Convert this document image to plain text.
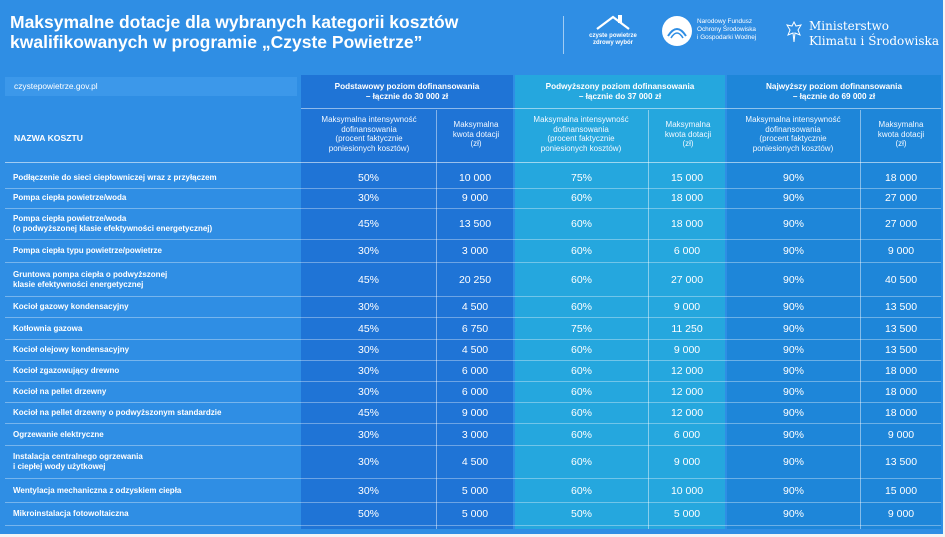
Maksymalne dotacje dla wybranych kategorii kosztów
kwalifikowanych w programie „Czyste Powietrze”	czyste powietrze
zdrowy wybór
Narodowy Fundusz
Ochrony Środowiska
i Gospodarki Wodnej
Ministerstwo
Klimatu i Środowiska
czystepowietrze.gov.pl	Podstawowy poziom dofinansowania
– łącznie do 30 000 zł
Podwyższony poziom dofinansowania
– łącznie do 37 000 zł
Najwyższy poziom dofinansowania
– łącznie do 69 000 zł
NAZWA KOSZTU
Maksymalna intensywność
dofinansowania
(procent faktycznie
poniesionych kosztów)
Maksymalna
kwota dotacji
(zł)
Maksymalna intensywność
dofinansowania
(procent faktycznie
poniesionych kosztów)
Maksymalna
kwota dotacji
(zł)
Maksymalna intensywność
dofinansowania
(procent faktycznie
poniesionych kosztów)
Maksymalna
kwota dotacji
(zł)
Podłączenie do sieci ciepłowniczej wraz z przyłączem	50%	10 000	75%	15 000	90%	18 000
Pompa ciepła powietrze/woda	30%	9 000	60%	18 000	90%	27 000
Pompa ciepła powietrze/woda
(o podwyższonej klasie efektywności energetycznej)	45%	13 500	60%	18 000	90%	27 000
Pompa ciepła typu powietrze/powietrze	30%	3 000	60%	6 000	90%	9 000
Gruntowa pompa ciepła o podwyższonej
klasie efektywności energetycznej	45%	20 250	60%	27 000	90%	40 500
Kocioł gazowy kondensacyjny	30%	4 500	60%	9 000	90%	13 500
Kotłownia gazowa	45%	6 750	75%	11 250	90%	13 500
Kocioł olejowy kondensacyjny	30%	4 500	60%	9 000	90%	13 500
Kocioł zgazowujący drewno	30%	6 000	60%	12 000	90%	18 000
Kocioł na pellet drzewny	30%	6 000	60%	12 000	90%	18 000
Kocioł na pellet drzewny o podwyższonym standardzie	45%	9 000	60%	12 000	90%	18 000
Ogrzewanie elektryczne	30%	3 000	60%	6 000	90%	9 000
Instalacja centralnego ogrzewania
i ciepłej wody użytkowej	30%	4 500	60%	9 000	90%	13 500
Wentylacja mechaniczna z odzyskiem ciepła	30%	5 000	60%	10 000	90%	15 000
Mikroinstalacja fotowoltaiczna	50%	5 000	50%	5 000	90%	9 000
